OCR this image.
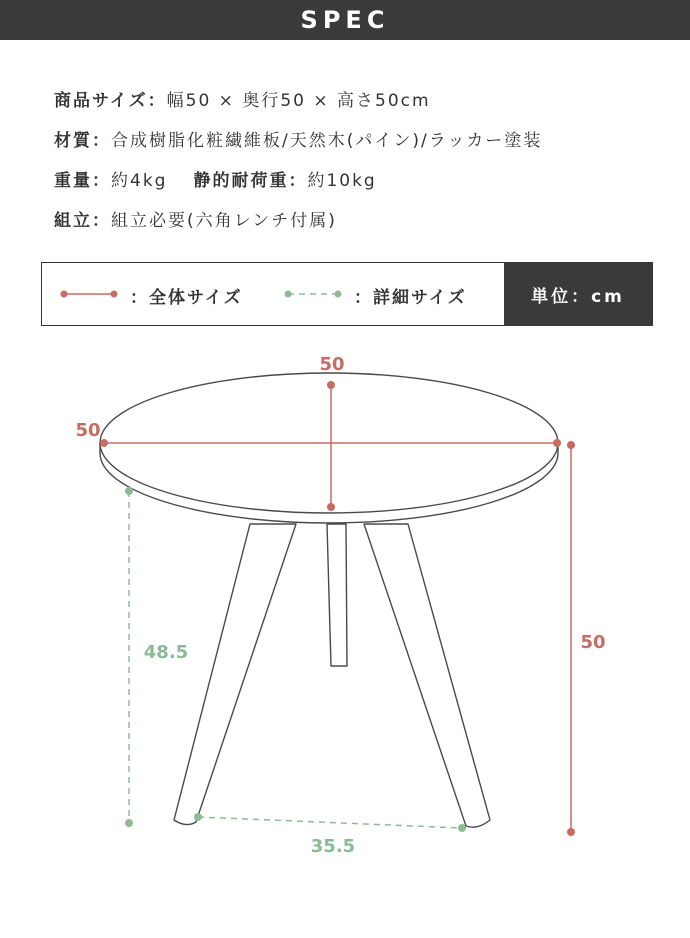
SPEC
商品サイズ：幅50 × 奥行50 × 高さ50cm
材質：合成樹脂化粧繊維板/天然木(パイン)/ラッカー塗装
重量：約4kg 静的耐荷重：約10kg
組立：組立必要(六角レンチ付属)
：全体サイズ	：詳細サイズ	単位：cm
50
50
50
48.5
35.5
